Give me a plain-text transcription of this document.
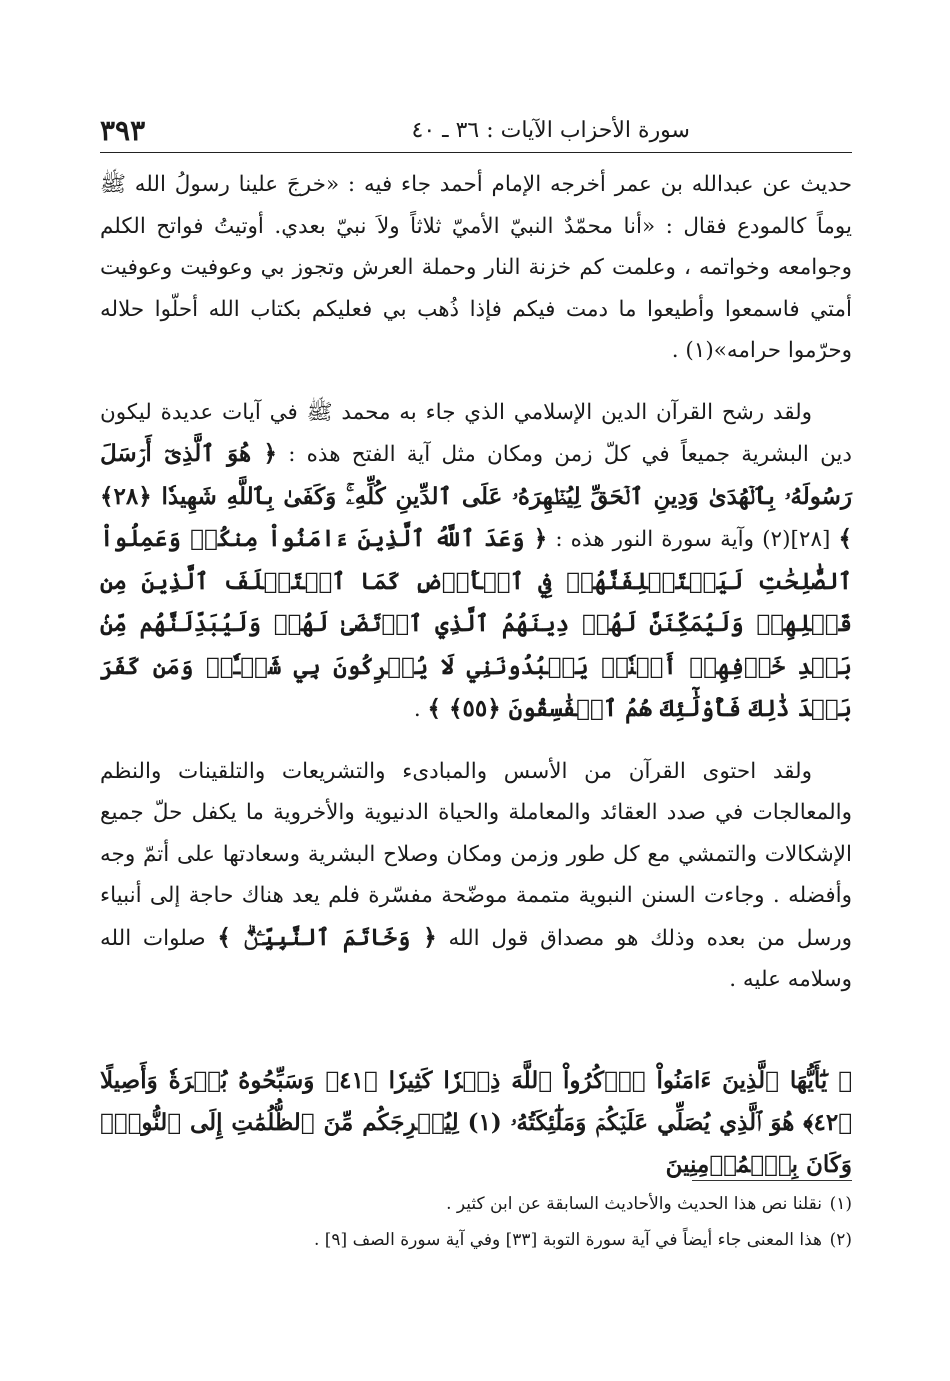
سورة الأحزاب الآيات : ٣٦ ـ ٤٠
٣٩٣

حديث عن عبدالله بن عمر أخرجه الإمام أحمد جاء فيه : «خرجَ علينا رسولُ الله ﷺ يوماً كالمودع فقال : «أنا محمّدٌ النبيّ الأميّ ثلاثاً ولاَ نبيّ بعدي. أوتيتُ فواتح الكلم وجوامعه وخواتمه ، وعلمت كم خزنة النار وحملة العرش وتجوز بي وعوفيت وعوفيت أمتي فاسمعوا وأطيعوا ما دمت فيكم فإذا ذُهب بي فعليكم بكتاب الله أحلّوا حلاله وحرّموا حرامه»(١) .

ولقد رشح القرآن الدين الإسلامي الذي جاء به محمد ﷺ في آيات عديدة ليكون دين البشرية جميعاً في كلّ زمن ومكان مثل آية الفتح هذه : ﴿ هُوَ ٱلَّذِىٓ أَرۡسَلَ رَسُولَهُۥ بِٱلۡهُدَىٰ وَدِينِ ٱلۡحَقِّ لِيُظۡهِرَهُۥ عَلَى ٱلدِّينِ كُلِّهِۦۚ وَكَفَىٰ بِٱللَّهِ شَهِيدٗا ﴿٢٨﴾ ﴾ [٢٨](٢) وآية سورة النور هذه : ﴿ وَعَدَ ٱللَّهُ ٱلَّذِينَ ءَامَنُواْ مِنكُمۡ وَعَمِلُواْ ٱلصَّٰلِحَٰتِ لَيَسۡتَخۡلِفَنَّهُمۡ فِي ٱلۡأَرۡضِ كَمَا ٱسۡتَخۡلَفَ ٱلَّذِينَ مِن قَبۡلِهِمۡ وَلَيُمَكِّنَنَّ لَهُمۡ دِينَهُمُ ٱلَّذِي ٱرۡتَضَىٰ لَهُمۡ وَلَيُبَدِّلَنَّهُم مِّنۢ بَعۡدِ خَوۡفِهِمۡ أَمۡنٗاۚ يَعۡبُدُونَنِي لَا يُشۡرِكُونَ بِي شَيۡـٔٗاۚ وَمَن كَفَرَ بَعۡدَ ذَٰلِكَ فَأُوْلَٰٓئِكَ هُمُ ٱلۡفَٰسِقُونَ ﴿٥٥﴾ ﴾ .

ولقد احتوى القرآن من الأسس والمبادىء والتشريعات والتلقينات والنظم والمعالجات في صدد العقائد والمعاملة والحياة الدنيوية والأخروية ما يكفل حلّ جميع الإشكالات والتمشي مع كل طور وزمن ومكان وصلاح البشرية وسعادتها على أتمّ وجه وأفضله . وجاءت السنن النبوية متممة موضّحة مفسّرة فلم يعد هناك حاجة إلى أنبياء ورسل من بعده وذلك هو مصداق قول الله ﴿ وَخَاتَمَ ٱلنَّبِيِّـۧنَۗ ﴾ صلوات الله وسلامه عليه .

﴿ يَٰٓأَيُّهَا ٱلَّذِينَ ءَامَنُواْ ٱذۡكُرُواْ ٱللَّهَ ذِكۡرٗا كَثِيرٗا ﴿٤١﴾ وَسَبِّحُوهُ بُكۡرَةٗ وَأَصِيلًا ﴿٤٢﴾ هُوَ ٱلَّذِي يُصَلِّي عَلَيۡكُمۡ وَمَلَٰٓئِكَتُهُۥ (١) لِيُخۡرِجَكُم مِّنَ ٱلظُّلُمَٰتِ إِلَى ٱلنُّورِۚ وَكَانَ بِٱلۡمُؤۡمِنِينَ
(١)نقلنا نص هذا الحديث والأحاديث السابقة عن ابن كثير .
(٢)هذا المعنى جاء أيضاً في آية سورة التوبة [٣٣] وفي آية سورة الصف [٩] .
